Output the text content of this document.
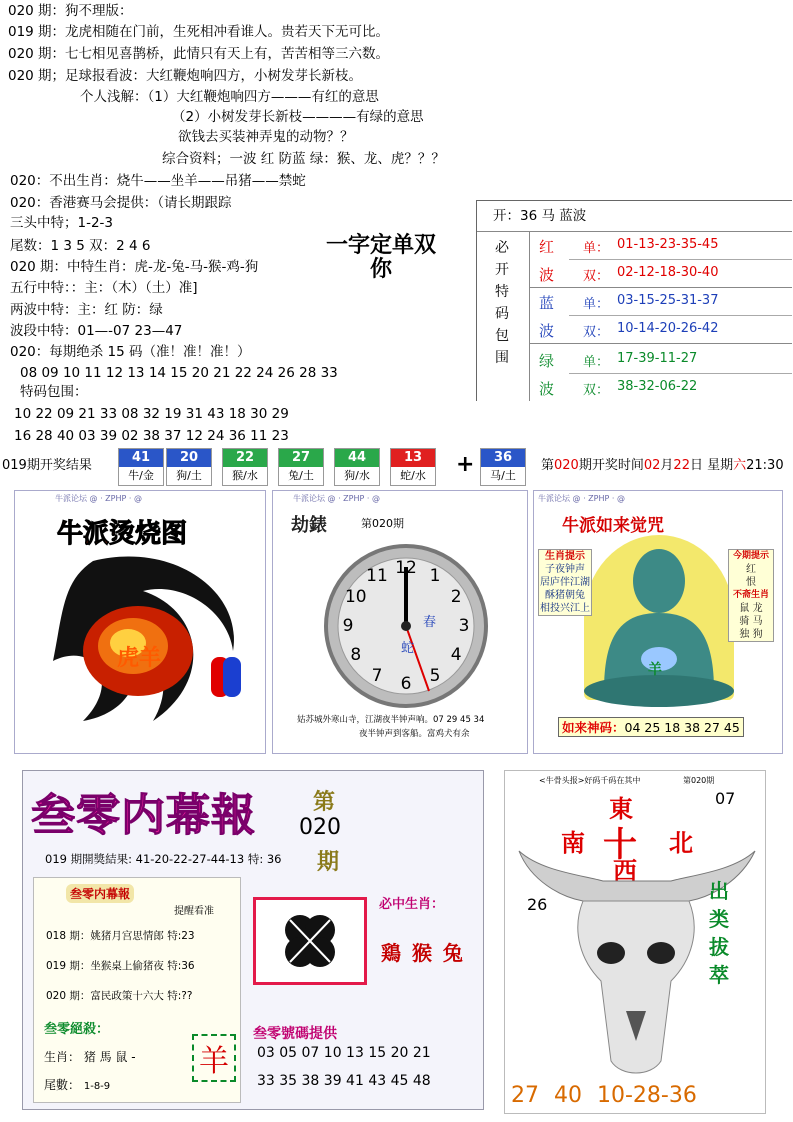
020 期：狗不理版：
019 期：龙虎相随在门前，生死相冲看谁人。贵若天下无可比。
020 期：七七相见喜鹊桥，此情只有天上有，苦苦相等三六数。
020 期；足球报看波：大红鞭炮响四方，小树发芽长新枝。
个人浅解：（1）大红鞭炮响四方———有红的意思
（2）小树发芽长新枝————有绿的意思
欲钱去买装神弄鬼的动物？？
综合资料；一波 红 防蓝 绿：猴、龙、虎？？？
020：不出生肖：烧牛——坐羊——吊猪——禁蛇
020：香港赛马会提供：（请长期跟踪
三头中特；1-2-3
尾数：1 3 5 双：2 4 6
020 期：中特生肖：虎-龙-兔-马-猴-鸡-狗
五行中特：：主：（木）（土）准]
两波中特：主：红 防：绿
波段中特：01—-07 23—47
020：每期绝杀 15 码（准！准！准！）
08 09 10 11 12 13 14 15 20 21 22 24 26 28 33
特码包围：
10 22 09 21 33 08 32 19 31 43 18 30 29
16 28 40 03 39 02 38 37 12 24 36 11 23
一字定单双
你
开：36 马 蓝波
必
开
特
码
包
围
红 单： 01-13-23-35-45
波 双： 02-12-18-30-40
蓝 单： 03-15-25-31-37
波 双： 10-14-20-26-42
绿 单： 17-39-11-27
波 双： 38-32-06-22
019期开奖结果
41
牛/金
20
狗/土
22
猴/水
27
兔/土
44
狗/水
13
蛇/水
36
马/土
+	第020期开奖时间02月22日 星期六21:30
牛派论坛 @ · ZPHP · @
牛派烫烧图
虎羊
牛派论坛 @ · ZPHP · @
劫錶	第020期
12 1
2
3
4
5
6
7
8
9
10
11
春
蛇
姑苏城外寒山寺，江湖夜半钟声响。07 29 45 34
夜半钟声到客船。富鸡犬有余
牛派论坛 @ · ZPHP · @
牛派如来觉咒
生肖提示
子夜钟声
居庐伴江湖
酥猪朝兔
相投兴江上
今期提示
红
恨
不斋生肖
鼠 龙
骑 马
独 狗
羊
如来神码：04 25 18 38 27 45
叁零内幕報	第
020
期
019 期開獎結果: 41-20-22-27-44-13 特: 36
叁零内幕報
提醒看准
018 期：姚猪月宫思情郎 特:23
019 期：坐猴桌上偷猪夜 特:36
020 期：富民政策十六大 特:??
叁零絕殺：
生肖： 猪 馬 鼠 -
尾數： 1-8-9
羊
必中生肖：
鶏 猴 兔
叁零號碼提供
03 05 07 10 13 15 20 21
33 35 38 39 41 43 45 48
<牛骨头报>好码千码在其中	第020期
東	07
南 十 北
西
26
出
类
拔
萃
27 40 10-28-36
